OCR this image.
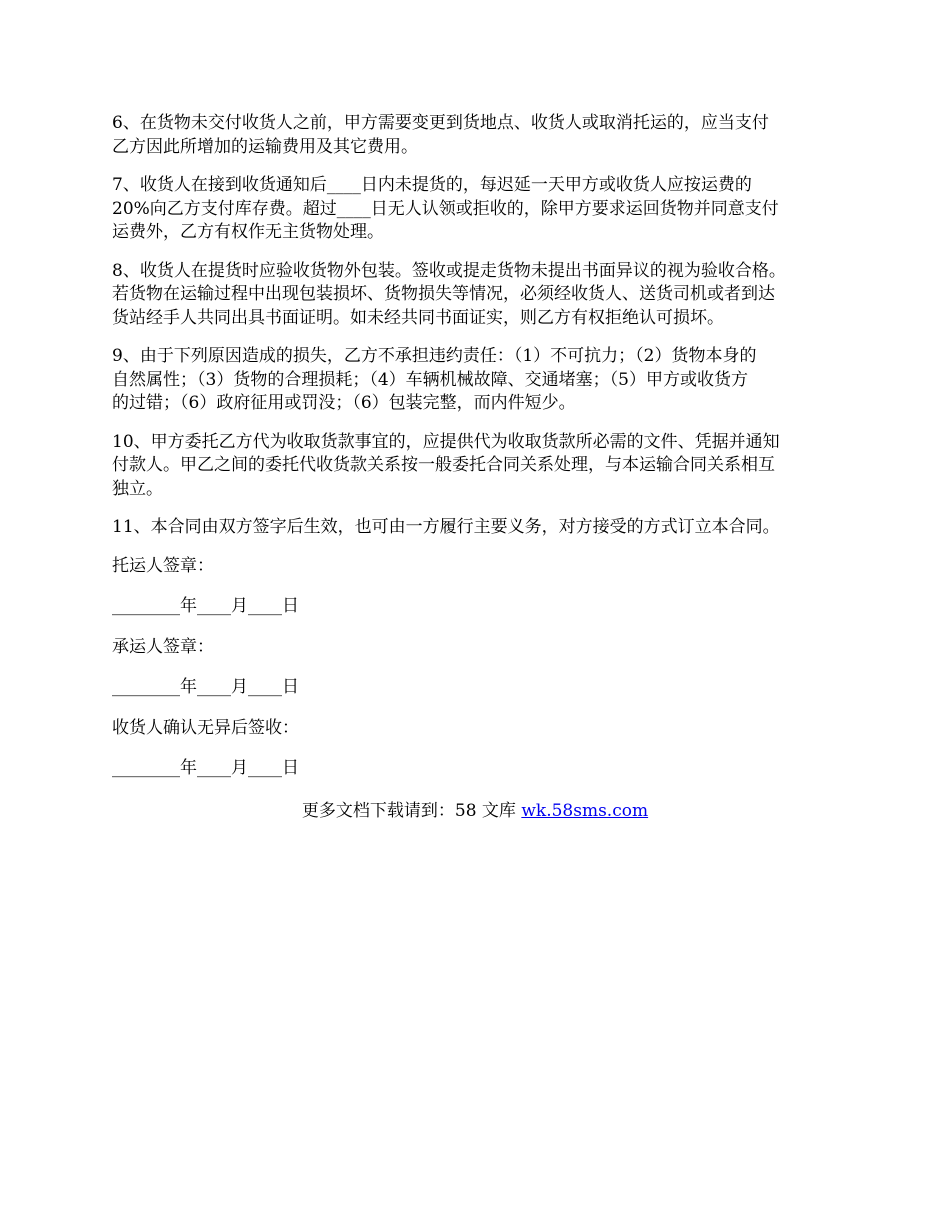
6、在货物未交付收货人之前，甲方需要变更到货地点、收货人或取消托运的，应当支付
乙方因此所增加的运输费用及其它费用。

7、收货人在接到收货通知后____日内未提货的，每迟延一天甲方或收货人应按运费的
20%向乙方支付库存费。超过____日无人认领或拒收的，除甲方要求运回货物并同意支付
运费外，乙方有权作无主货物处理。

8、收货人在提货时应验收货物外包装。签收或提走货物未提出书面异议的视为验收合格。
若货物在运输过程中出现包装损坏、货物损失等情况，必须经收货人、送货司机或者到达
货站经手人共同出具书面证明。如未经共同书面证实，则乙方有权拒绝认可损坏。

9、由于下列原因造成的损失，乙方不承担违约责任：（1）不可抗力；（2）货物本身的
自然属性；（3）货物的合理损耗；（4）车辆机械故障、交通堵塞；（5）甲方或收货方
的过错；（6）政府征用或罚没；（6）包装完整，而内件短少。

10、甲方委托乙方代为收取货款事宜的，应提供代为收取货款所必需的文件、凭据并通知
付款人。甲乙之间的委托代收货款关系按一般委托合同关系处理，与本运输合同关系相互
独立。

11、本合同由双方签字后生效，也可由一方履行主要义务，对方接受的方式订立本合同。

托运人签章：

________年____月____日

承运人签章：

________年____月____日

收货人确认无异后签收：

________年____月____日

更多文档下载请到：58 文库 wk.58sms.com
